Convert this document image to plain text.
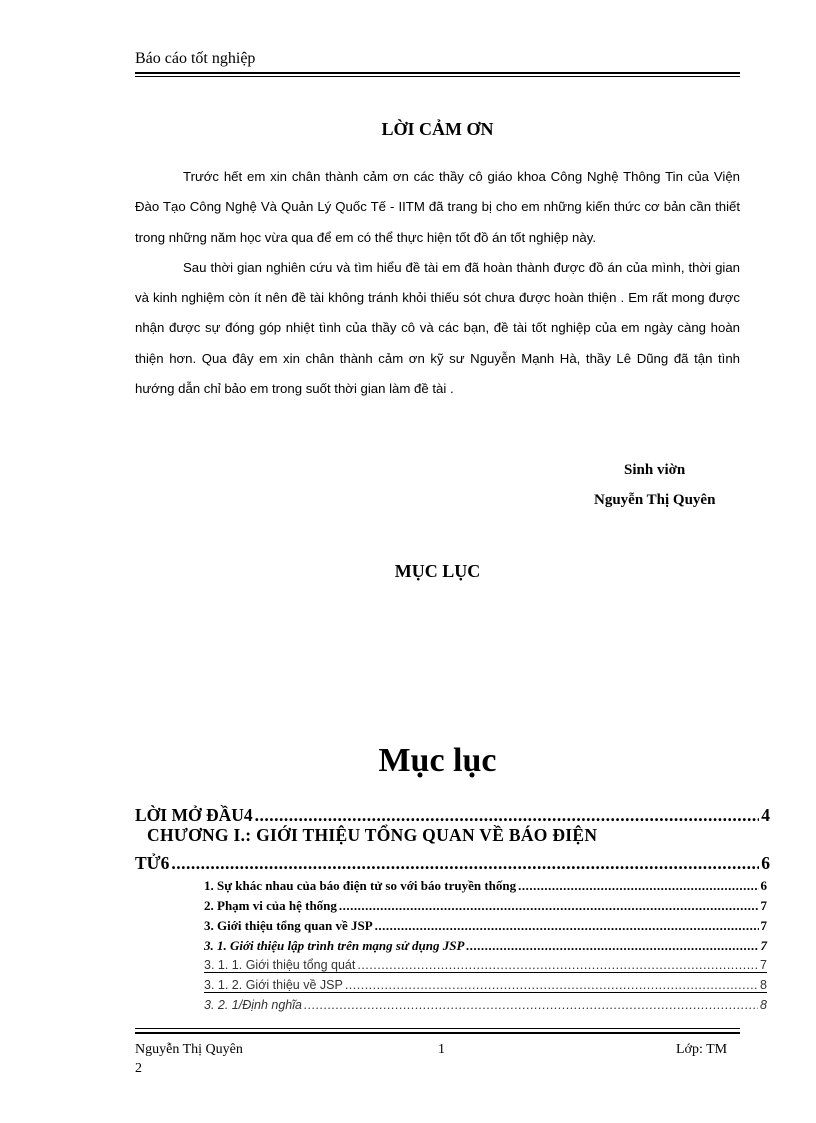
Báo cáo tốt nghiệp
LỜI CẢM ƠN

Trước hết em xin chân thành cảm ơn các thầy cô giáo khoa Công Nghệ Thông Tin của Viện Đào Tạo Công Nghệ Và Quản Lý Quốc Tế - IITM đã trang bị cho em những kiến thức cơ bản cần thiết trong những năm học vừa qua để em có thể thực hiện tốt đồ án tốt nghiệp này.

Sau thời gian nghiên cứu và tìm hiểu đề tài em đã hoàn thành được đồ án của mình, thời gian và kinh nghiệm còn ít nên đề tài không tránh khỏi thiếu sót chưa được hoàn thiện . Em rất mong được nhận được sự đóng góp nhiệt tình của thầy cô và các bạn, đề tài tốt nghiệp của em ngày càng hoàn thiện hơn. Qua đây em xin chân thành cảm ơn kỹ sư Nguyễn Mạnh Hà, thầy Lê Dũng đã tận tình hướng dẫn chỉ bảo em trong suốt thời gian làm đề tài .

Sinh viờn
Nguyễn Thị Quyên
MỤC LỤC
Mục lục
LỜI MỞ ĐẦU4 .....	4
CHƯƠNG I.: GIỚI THIỆU TỔNG QUAN VỀ BÁO ĐIỆN
TỬ6 .....	6
1. Sự khác nhau của báo điện tử so với báo truyền thống .....	6
2. Phạm vi của hệ thống .....	7
3. Giới thiệu tổng quan về JSP .....	7
3. 1. Giới thiệu lập trình trên mạng sử dụng JSP .....	7
3. 1. 1. Giới thiệu tổng quát .....	7
3. 1. 2. Giới thiệu về JSP .....	8
3. 2. 1/Định nghĩa .....	8
Nguyễn Thị Quyên	1	Lớp: TM
2
